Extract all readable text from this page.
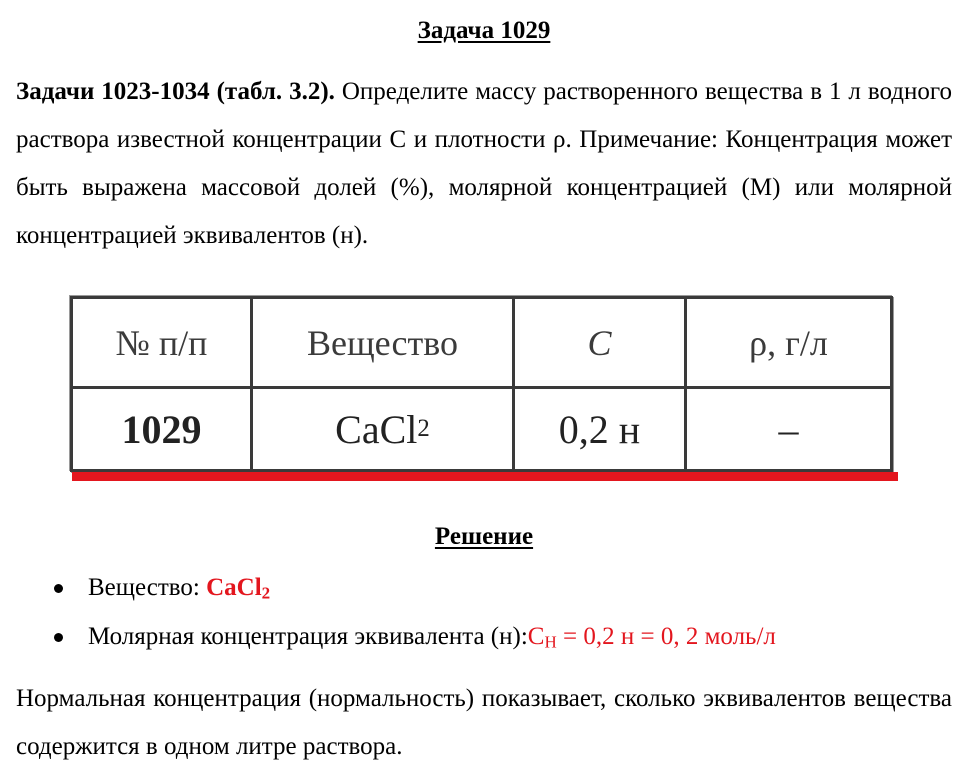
Задача 1029
Задачи 1023-1034 (табл. 3.2). Определите массу растворенного вещества в 1 л водного раствора известной концентрации С и плотности ρ. Примечание: Концентрация может быть выражена массовой долей (%), молярной концентрацией (М) или молярной концентрацией эквивалентов (н).
№ п/п	Вещество	C	ρ, г/л
1029	CaCl 2	0,2 н	–
Решение
Вещество: CaCl2
Молярная концентрация эквивалента (н):CН = 0,2 н = 0, 2 моль/л
Нормальная концентрация (нормальность) показывает, сколько эквивалентов вещества содержится в одном литре раствора.
